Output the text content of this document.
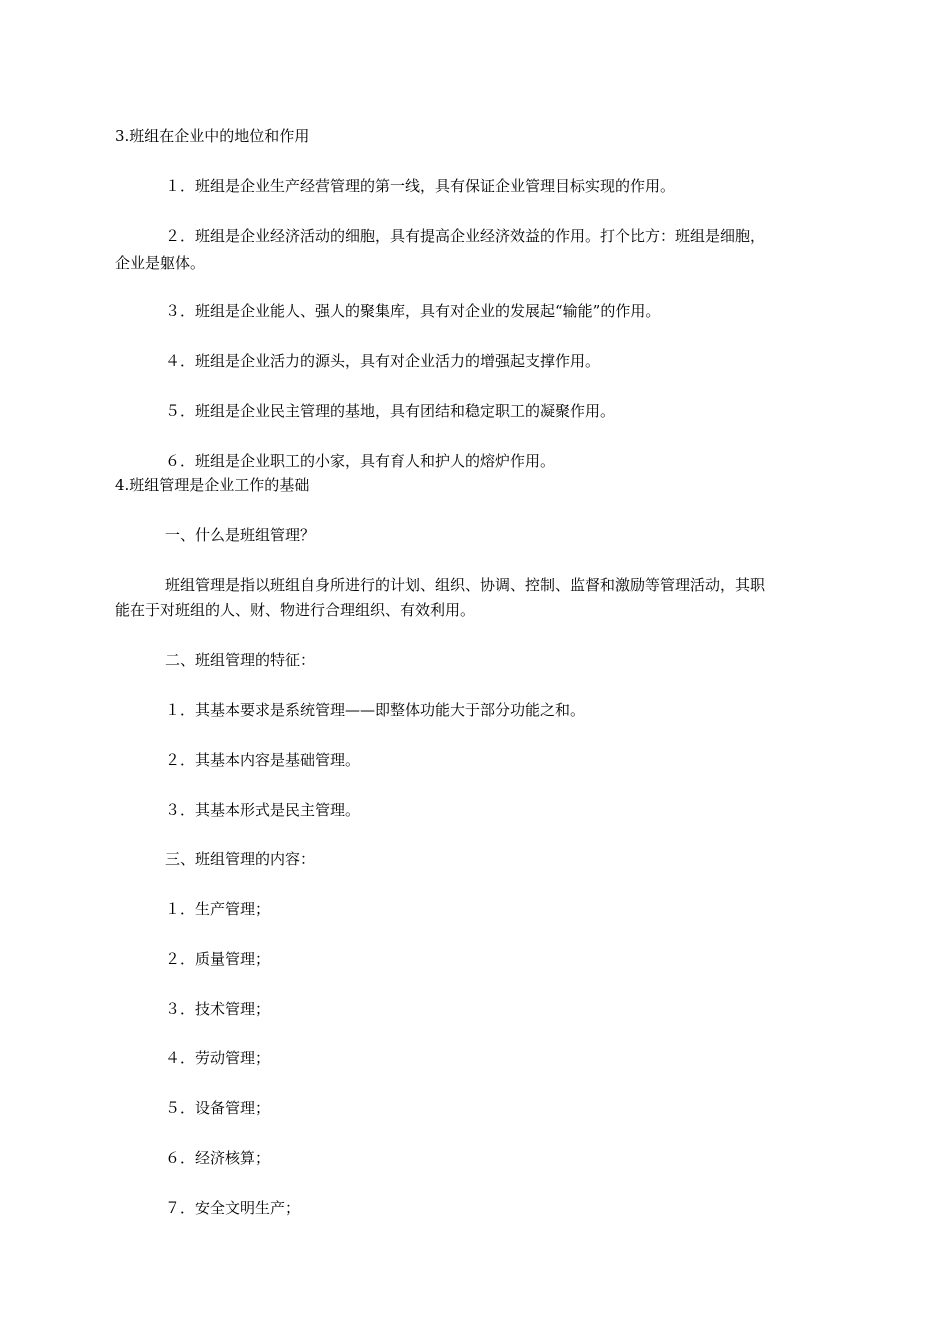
3.班组在企业中的地位和作用
１．班组是企业生产经营管理的第一线，具有保证企业管理目标实现的作用。
２．班组是企业经济活动的细胞，具有提高企业经济效益的作用。打个比方：班组是细胞，
企业是躯体。
３．班组是企业能人、强人的聚集库，具有对企业的发展起“输能”的作用。
４．班组是企业活力的源头，具有对企业活力的增强起支撑作用。
５．班组是企业民主管理的基地，具有团结和稳定职工的凝聚作用。
６．班组是企业职工的小家，具有育人和护人的熔炉作用。
4.班组管理是企业工作的基础
一、什么是班组管理？
班组管理是指以班组自身所进行的计划、组织、协调、控制、监督和激励等管理活动，其职
能在于对班组的人、财、物进行合理组织、有效利用。
二、班组管理的特征：
１．其基本要求是系统管理——即整体功能大于部分功能之和。
２．其基本内容是基础管理。
３．其基本形式是民主管理。
三、班组管理的内容：
１．生产管理；
２．质量管理；
３．技术管理；
４．劳动管理；
５．设备管理；
６．经济核算；
７．安全文明生产；
